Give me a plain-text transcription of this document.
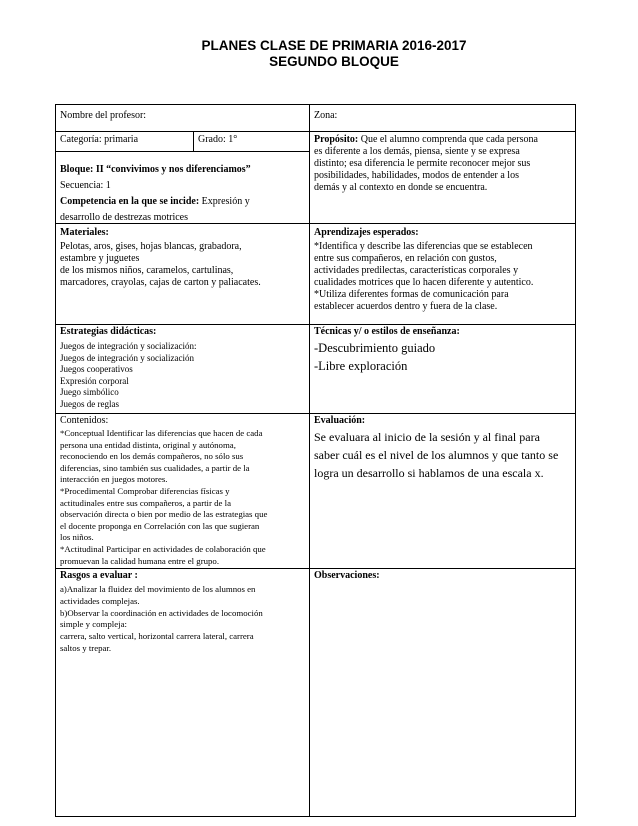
PLANES CLASE DE PRIMARIA 2016-2017
SEGUNDO BLOQUE
Nombre del profesor:	Zona:
Categoría: primaria	Grado: 1°
Bloque: II “convivimos y nos diferenciamos”
Secuencia: 1
Competencia en la que se incide: Expresión y
desarrollo de destrezas motrices
Propósito: Que el alumno comprenda que cada persona
es diferente a los demás, piensa, siente y se expresa
distinto; esa diferencia le permite reconocer mejor sus
posibilidades, habilidades, modos de entender a los
demás y al contexto en donde se encuentra.
Materiales:
Pelotas, aros, gises, hojas blancas, grabadora,
estambre y juguetes
de los mismos niños, caramelos, cartulinas,
marcadores, crayolas, cajas de carton y paliacates.
Aprendizajes esperados:
*Identifica y describe las diferencias que se establecen
entre sus compañeros, en relación con gustos,
actividades predilectas, características corporales y
cualidades motrices que lo hacen diferente y autentico.
*Utiliza diferentes formas de comunicación para
establecer acuerdos dentro y fuera de la clase.
Estrategias didácticas:
Juegos de integración y socialización:
Juegos de integración y socialización
Juegos cooperativos
Expresión corporal
Juego simbólico
Juegos de reglas
Técnicas y/ o estilos de enseñanza:
-Descubrimiento guiado
-Libre exploración
Contenidos:
*Conceptual Identificar las diferencias que hacen de cada
persona una entidad distinta, original y autónoma,
reconociendo en los demás compañeros, no sólo sus
diferencias, sino también sus cualidades, a partir de la
interacción en juegos motores.
*Procedimental Comprobar diferencias físicas y
actitudinales entre sus compañeros, a partir de la
observación directa o bien por medio de las estrategias que
el docente proponga en Correlación con las que sugieran
los niños.
*Actitudinal Participar en actividades de colaboración que
promuevan la calidad humana entre el grupo.
Evaluación:
Se evaluara al inicio de la sesión y al final para
saber cuál es el nivel de los alumnos y que tanto se
logra un desarrollo si hablamos de una escala x.
Rasgos a evaluar :
a)Analizar la fluidez del movimiento de los alumnos en
actividades complejas.
b)Observar la coordinación en actividades de locomoción
simple y compleja:
carrera, salto vertical, horizontal carrera lateral, carrera
saltos y trepar.
Observaciones:
